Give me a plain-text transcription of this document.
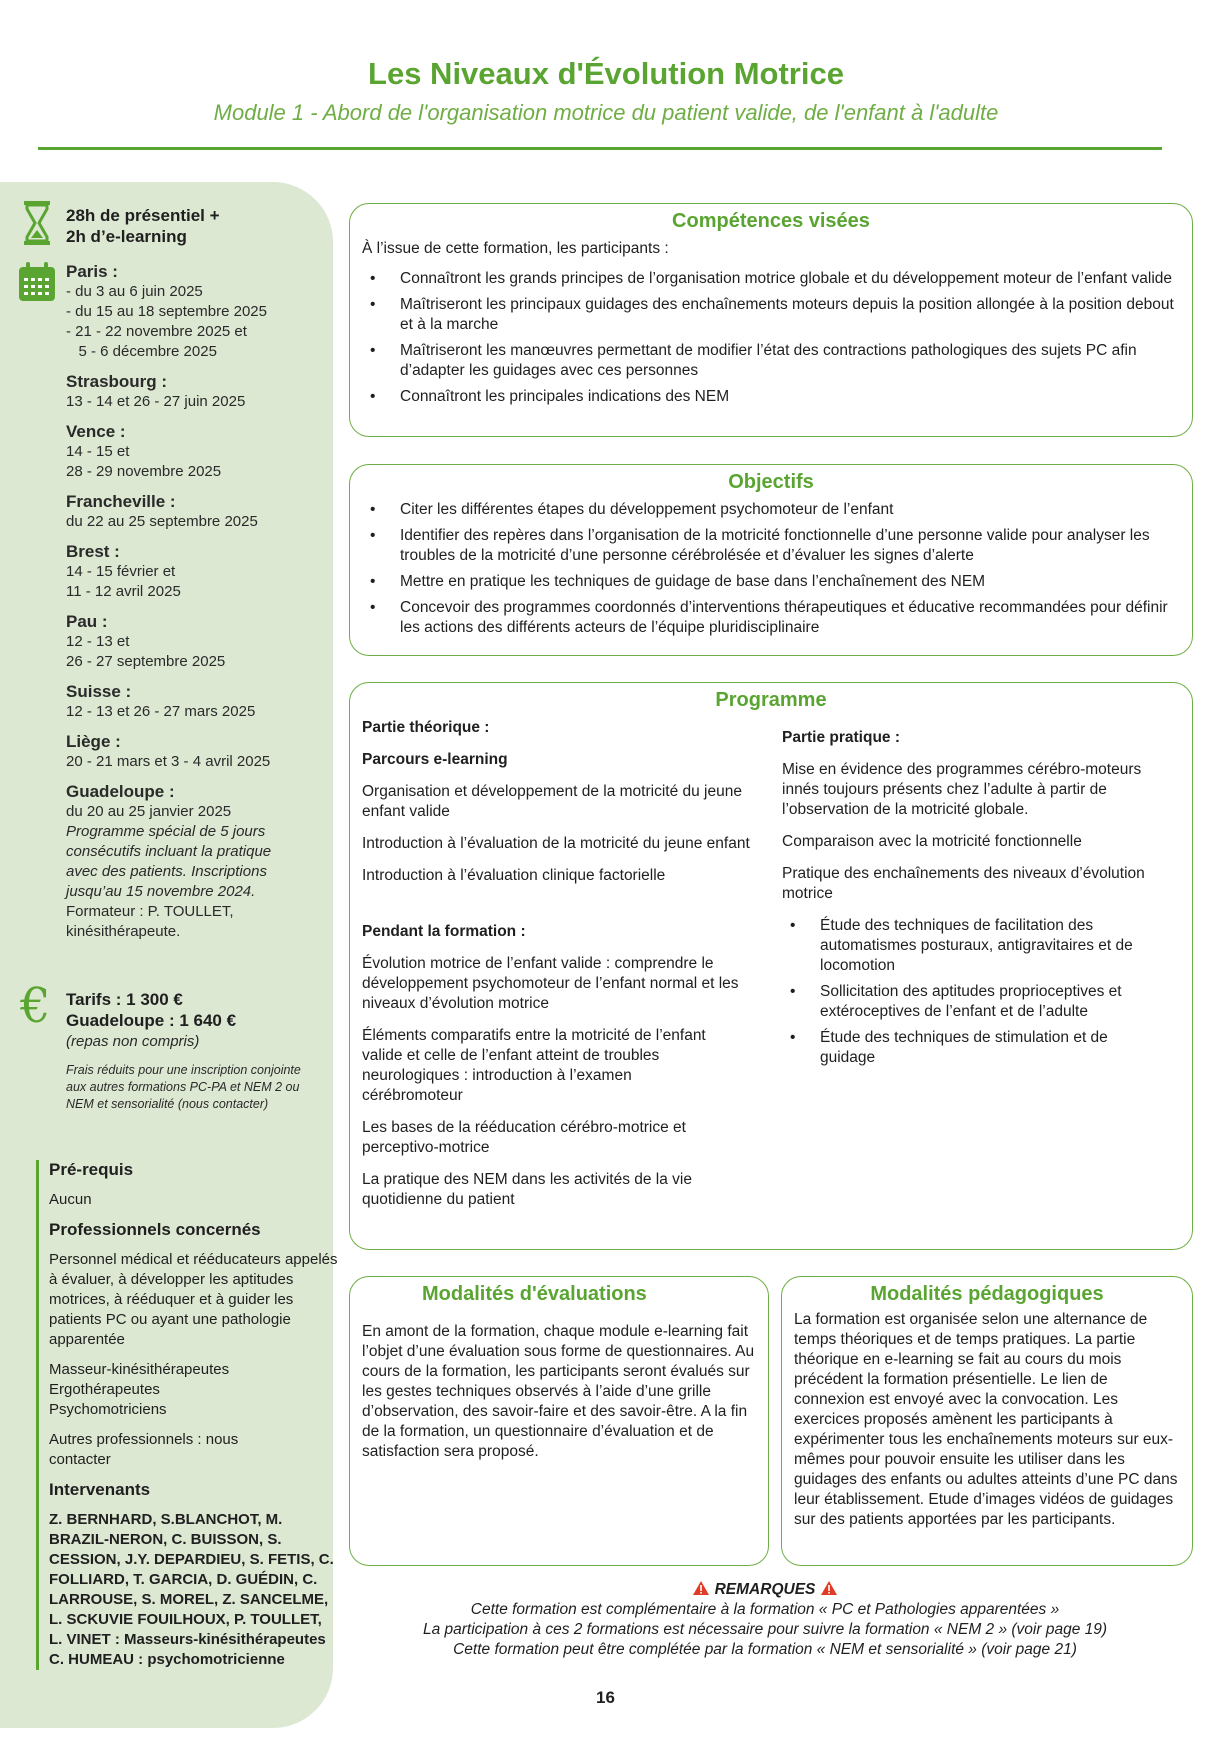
Les Niveaux d'Évolution Motrice
Module 1 - Abord de l'organisation motrice du patient valide, de l'enfant à l'adulte
28h de présentiel +
2h d’e-learning
Paris :
- du 3 au 6 juin 2025
- du 15 au 18 septembre 2025
- 21 - 22 novembre 2025 et
5 - 6 décembre 2025
Strasbourg :
13 - 14 et 26 - 27 juin 2025
Vence :
14 - 15 et
28 - 29 novembre 2025
Francheville :
du 22 au 25 septembre 2025
Brest :
14 - 15 février et
11 - 12 avril 2025
Pau :
12 - 13 et
26 - 27 septembre 2025
Suisse :
12 - 13 et 26 - 27 mars 2025
Liège :
20 - 21 mars et 3 - 4 avril 2025
Guadeloupe :
du 20 au 25 janvier 2025
Programme spécial de 5 jours consécutifs incluant la pratique avec des patients. Inscriptions jusqu’au 15 novembre 2024.
Formateur : P. TOULLET, kinésithérapeute.
€ Tarifs : 1 300 €
Guadeloupe : 1 640 €
(repas non compris)
Frais réduits pour une inscription conjointe aux autres formations PC-PA et NEM 2 ou NEM et sensorialité (nous contacter)
Pré-requis

Aucun

Professionnels concernés

Personnel médical et rééducateurs appelés à évaluer, à développer les aptitudes motrices, à rééduquer et à guider les patients PC ou ayant une pathologie apparentée

Masseur-kinésithérapeutes Ergothérapeutes Psychomotriciens

Autres professionnels : nous contacter

Intervenants
Z. BERNHARD, S.BLANCHOT, M. BRAZIL-NERON, C. BUISSON, S. CESSION, J.Y. DEPARDIEU, S. FETIS, C. FOLLIARD, T. GARCIA, D. GUÉDIN, C. LARROUSE, S. MOREL, Z. SANCELME, L. SCKUVIE FOUILHOUX, P. TOULLET, L. VINET : Masseurs-kinésithérapeutes
C. HUMEAU : psychomotricienne
Compétences visées
À l’issue de cette formation, les participants :
• Connaîtront les grands principes de l’organisation motrice globale et du développement moteur de l’enfant valide
• Maîtriseront les principaux guidages des enchaînements moteurs depuis la position allongée à la position debout et à la marche
• Maîtriseront les manœuvres permettant de modifier l’état des contractions pathologiques des sujets PC afin d’adapter les guidages avec ces personnes
• Connaîtront les principales indications des NEM
Objectifs
• Citer les différentes étapes du développement psychomoteur de l’enfant
• Identifier des repères dans l’organisation de la motricité fonctionnelle d’une personne valide pour analyser les troubles de la motricité d’une personne cérébrolésée et d’évaluer les signes d’alerte
• Mettre en pratique les techniques de guidage de base dans l’enchaînement des NEM
• Concevoir des programmes coordonnés d’interventions thérapeutiques et éducative recommandées pour définir les actions des différents acteurs de l’équipe pluridisciplinaire
Programme

Partie théorique :

Parcours e-learning

Organisation et développement de la motricité du jeune enfant valide

Introduction à l’évaluation de la motricité du jeune enfant

Introduction à l’évaluation clinique factorielle

Pendant la formation :

Évolution motrice de l’enfant valide : comprendre le développement psychomoteur de l’enfant normal et les niveaux d’évolution motrice

Éléments comparatifs entre la motricité de l’enfant valide et celle de l’enfant atteint de troubles neurologiques : introduction à l’examen cérébromoteur

Les bases de la rééducation cérébro-motrice et perceptivo-motrice

La pratique des NEM dans les activités de la vie quotidienne du patient

Partie pratique :

Mise en évidence des programmes cérébro-moteurs innés toujours présents chez l’adulte à partir de l’observation de la motricité globale.

Comparaison avec la motricité fonctionnelle

Pratique des enchaînements des niveaux d’évolution motrice

• Étude des techniques de facilitation des automatismes posturaux, antigravitaires et de locomotion
• Sollicitation des aptitudes proprioceptives et extéroceptives de l’enfant et de l’adulte
• Étude des techniques de stimulation et de guidage
Modalités d'évaluations
En amont de la formation, chaque module e-learning fait l’objet d’une évaluation sous forme de questionnaires. Au cours de la formation, les participants seront évalués sur les gestes techniques observés à l’aide d’une grille d’observation, des savoir-faire et des savoir-être. A la fin de la formation, un questionnaire d’évaluation et de satisfaction sera proposé.
Modalités pédagogiques
La formation est organisée selon une alternance de temps théoriques et de temps pratiques. La partie théorique en e-learning se fait au cours du mois précédent la formation présentielle. Le lien de connexion est envoyé avec la convocation. Les exercices proposés amènent les participants à expérimenter tous les enchaînements moteurs sur eux-mêmes pour pouvoir ensuite les utiliser dans les guidages des enfants ou adultes atteints d’une PC dans leur établissement. Etude d’images vidéos de guidages sur des patients apportées par les participants.
REMARQUES
Cette formation est complémentaire à la formation « PC et Pathologies apparentées »
La participation à ces 2 formations est nécessaire pour suivre la formation « NEM 2 » (voir page 19)
Cette formation peut être complétée par la formation « NEM et sensorialité » (voir page 21)
16
